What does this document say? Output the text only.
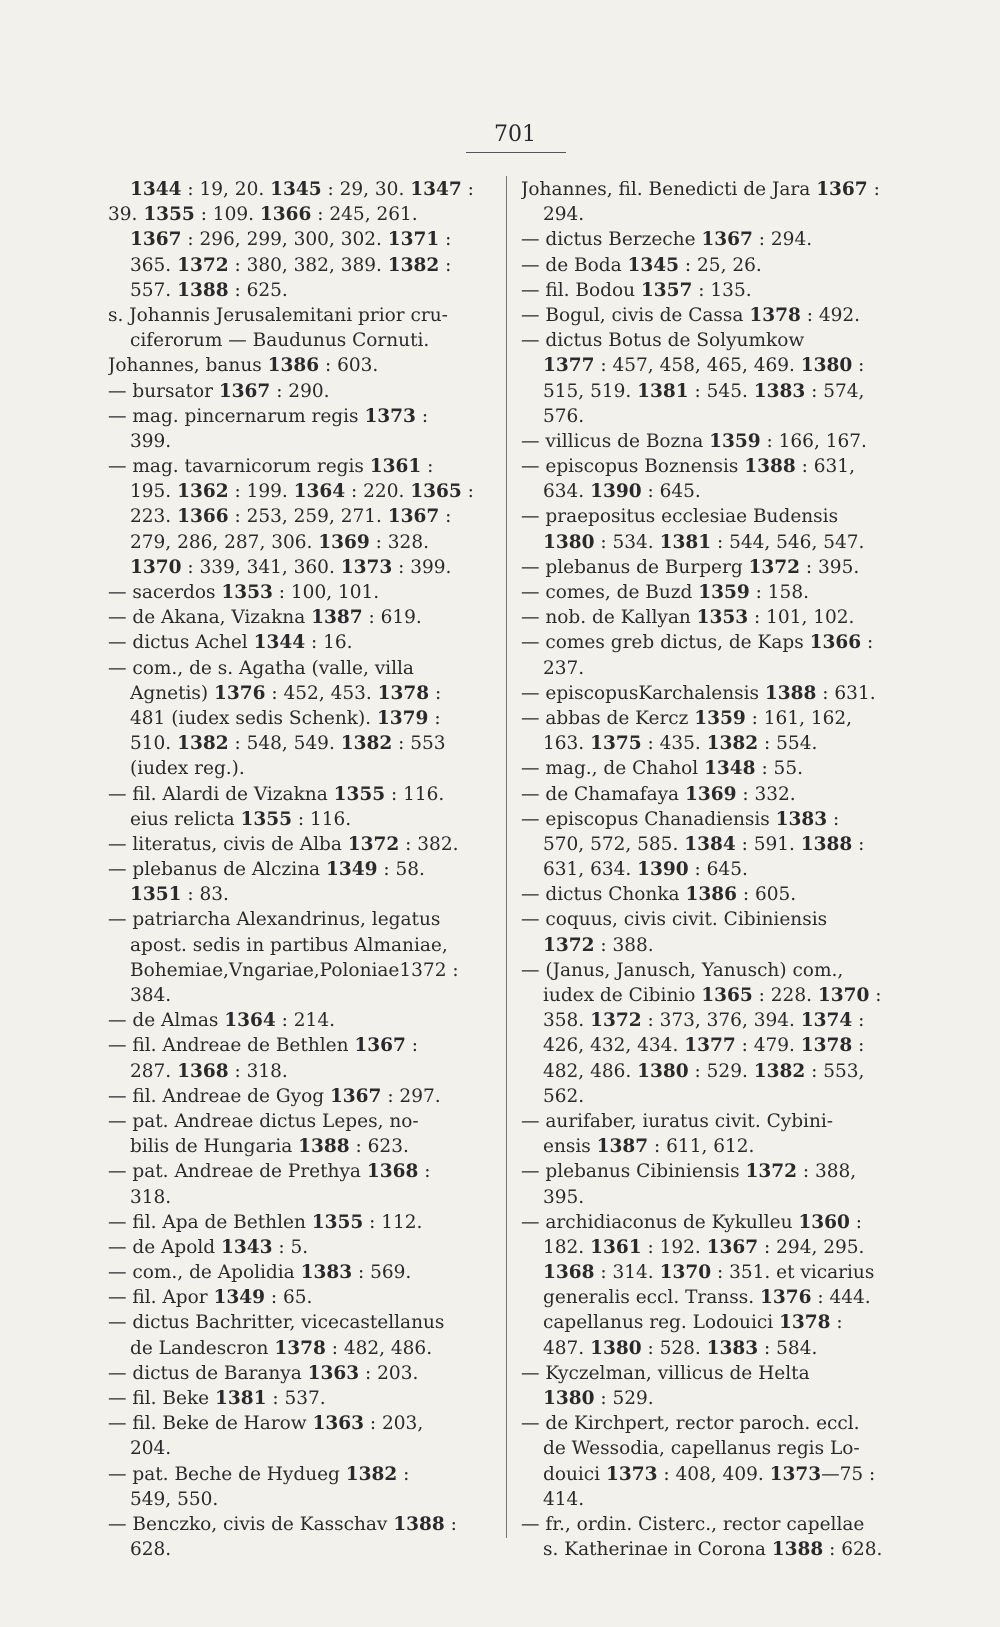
701
1344 : 19, 20. 1345 : 29, 30. 1347 :
39. 1355 : 109. 1366 : 245, 261.
1367 : 296, 299, 300, 302. 1371 :
365. 1372 : 380, 382, 389. 1382 :
557. 1388 : 625.
s. Johannis Jerusalemitani prior cru-
ciferorum — Baudunus Cornuti.
Johannes, banus 1386 : 603.
— bursator 1367 : 290.
— mag. pincernarum regis 1373 :
399.
— mag. tavarnicorum regis 1361 :
195. 1362 : 199. 1364 : 220. 1365 :
223. 1366 : 253, 259, 271. 1367 :
279, 286, 287, 306. 1369 : 328.
1370 : 339, 341, 360. 1373 : 399.
— sacerdos 1353 : 100, 101.
— de Akana, Vizakna 1387 : 619.
— dictus Achel 1344 : 16.
— com., de s. Agatha (valle, villa
Agnetis) 1376 : 452, 453. 1378 :
481 (iudex sedis Schenk). 1379 :
510. 1382 : 548, 549. 1382 : 553
(iudex reg.).
— fil. Alardi de Vizakna 1355 : 116.
eius relicta 1355 : 116.
— literatus, civis de Alba 1372 : 382.
— plebanus de Alczina 1349 : 58.
1351 : 83.
— patriarcha Alexandrinus, legatus
apost. sedis in partibus Almaniae,
Bohemiae,Vngariae,Poloniae1372 :
384.
— de Almas 1364 : 214.
— fil. Andreae de Bethlen 1367 :
287. 1368 : 318.
— fil. Andreae de Gyog 1367 : 297.
— pat. Andreae dictus Lepes, no-
bilis de Hungaria 1388 : 623.
— pat. Andreae de Prethya 1368 :
318.
— fil. Apa de Bethlen 1355 : 112.
— de Apold 1343 : 5.
— com., de Apolidia 1383 : 569.
— fil. Apor 1349 : 65.
— dictus Bachritter, vicecastellanus
de Landescron 1378 : 482, 486.
— dictus de Baranya 1363 : 203.
— fil. Beke 1381 : 537.
— fil. Beke de Harow 1363 : 203,
204.
— pat. Beche de Hydueg 1382 :
549, 550.
— Benczko, civis de Kasschav 1388 :
628.
Johannes, fil. Benedicti de Jara 1367 :
294.
— dictus Berzeche 1367 : 294.
— de Boda 1345 : 25, 26.
— fil. Bodou 1357 : 135.
— Bogul, civis de Cassa 1378 : 492.
— dictus Botus de Solyumkow
1377 : 457, 458, 465, 469. 1380 :
515, 519. 1381 : 545. 1383 : 574,
576.
— villicus de Bozna 1359 : 166, 167.
— episcopus Boznensis 1388 : 631,
634. 1390 : 645.
— praepositus ecclesiae Budensis
1380 : 534. 1381 : 544, 546, 547.
— plebanus de Burperg 1372 : 395.
— comes, de Buzd 1359 : 158.
— nob. de Kallyan 1353 : 101, 102.
— comes greb dictus, de Kaps 1366 :
237.
— episcopusKarchalensis 1388 : 631.
— abbas de Kercz 1359 : 161, 162,
163. 1375 : 435. 1382 : 554.
— mag., de Chahol 1348 : 55.
— de Chamafaya 1369 : 332.
— episcopus Chanadiensis 1383 :
570, 572, 585. 1384 : 591. 1388 :
631, 634. 1390 : 645.
— dictus Chonka 1386 : 605.
— coquus, civis civit. Cibiniensis
1372 : 388.
— (Janus, Janusch, Yanusch) com.,
iudex de Cibinio 1365 : 228. 1370 :
358. 1372 : 373, 376, 394. 1374 :
426, 432, 434. 1377 : 479. 1378 :
482, 486. 1380 : 529. 1382 : 553,
562.
— aurifaber, iuratus civit. Cybini-
ensis 1387 : 611, 612.
— plebanus Cibiniensis 1372 : 388,
395.
— archidiaconus de Kykulleu 1360 :
182. 1361 : 192. 1367 : 294, 295.
1368 : 314. 1370 : 351. et vicarius
generalis eccl. Transs. 1376 : 444.
capellanus reg. Lodouici 1378 :
487. 1380 : 528. 1383 : 584.
— Kyczelman, villicus de Helta
1380 : 529.
— de Kirchpert, rector paroch. eccl.
de Wessodia, capellanus regis Lo-
douici 1373 : 408, 409. 1373—75 :
414.
— fr., ordin. Cisterc., rector capellae
s. Katherinae in Corona 1388 : 628.
